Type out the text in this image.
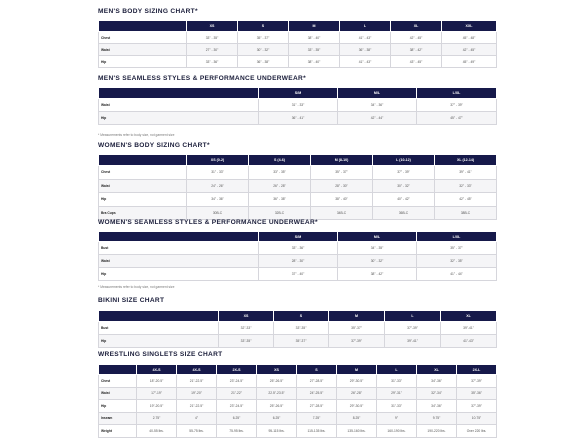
MEN'S BODY SIZING CHART*
	XS	S	M	L	XL	XXL
Chest	33" - 35"	35" - 37"	38" - 40"	41" - 43"	42" - 45"	45" - 48"
Waist	27" - 30"	30" - 32"	33" - 35"	36" - 38"	38" - 42"	42" - 45"
Hip	33" - 36"	36" - 38"	38" - 40"	41" - 43"	43" - 45"	45" - 49"
MEN'S SEAMLESS STYLES & PERFORMANCE UNDERWEAR*
	S/M	M/L	L/XL
Waist	31" - 33"	34" - 36"	37" - 39"
Hip	36" - 41"	42" - 44"	45" - 47"
* Measurements refer to body size, not garment size
WOMEN'S BODY SIZING CHART*
	XS (0-2)	S (4-6)	M (8-10)	L (10-12)	XL (12-14)
Chest	31" - 33"	33" - 35"	35" - 37"	37" - 39"	39" - 41"
Waist	24" - 26"	26" - 28"	28" - 30"	30" - 32"	32" - 33"
Hip	34" - 36"	36" - 38"	38" - 40"	40" - 42"	42" - 45"
Bra Cups	30B-C	32B-C	34B-C	36B-C	38B-C
WOMEN'S SEAMLESS STYLES & PERFORMANCE UNDERWEAR*
	S/M	M/L	L/XL
Bust	33" - 36"	34" - 35"	35" - 37"
Waist	28" - 30"	30" - 32"	32" - 35"
Hip	37" - 40"	38" - 42"	41" - 44"
* Measurements refer to body size, not garment size
BIKINI SIZE CHART
	XS	S	M	L	XL
Bust	32"-33"	33"-35"	35"-37"	37"-39"	39"-41"
Hip	33"-35"	35"-37"	37"-39"	39"-41"	41"-43"
WRESTLING SINGLETS SIZE CHART
	4X-S	4X-S	2X-S	XS	S	M	L	XL	2X-L
Chest	18"-20.5"	21"-22.5"	23"-24.5"	25"-26.5"	27"-28.5"	29"-30.5"	31"-33"	34"-36"	37"-39"
Waist	17"-19"	19"-20"	21"-22"	22.5"-23.5"	24"-25.5"	26"-28"	29"-31"	32"-34"	35"-36"
Hip	19"-20.5"	21"-22.5"	23"-24.5"	25"-26.5"	27"-28.5"	29"-30.5"	31"-33"	34"-36"	37"-39"
Inseam	2.75"	4"	6.25"	6.25"	7.25"	8.25"	9"	9.75"	10.75"
Weight	40-55 lbs.	55-75 lbs.	75-95 lbs.	95-115 lbs.	115-135 lbs.	135-160 lbs.	160-190 lbs.	190-220 lbs.	Over 220 lbs.
